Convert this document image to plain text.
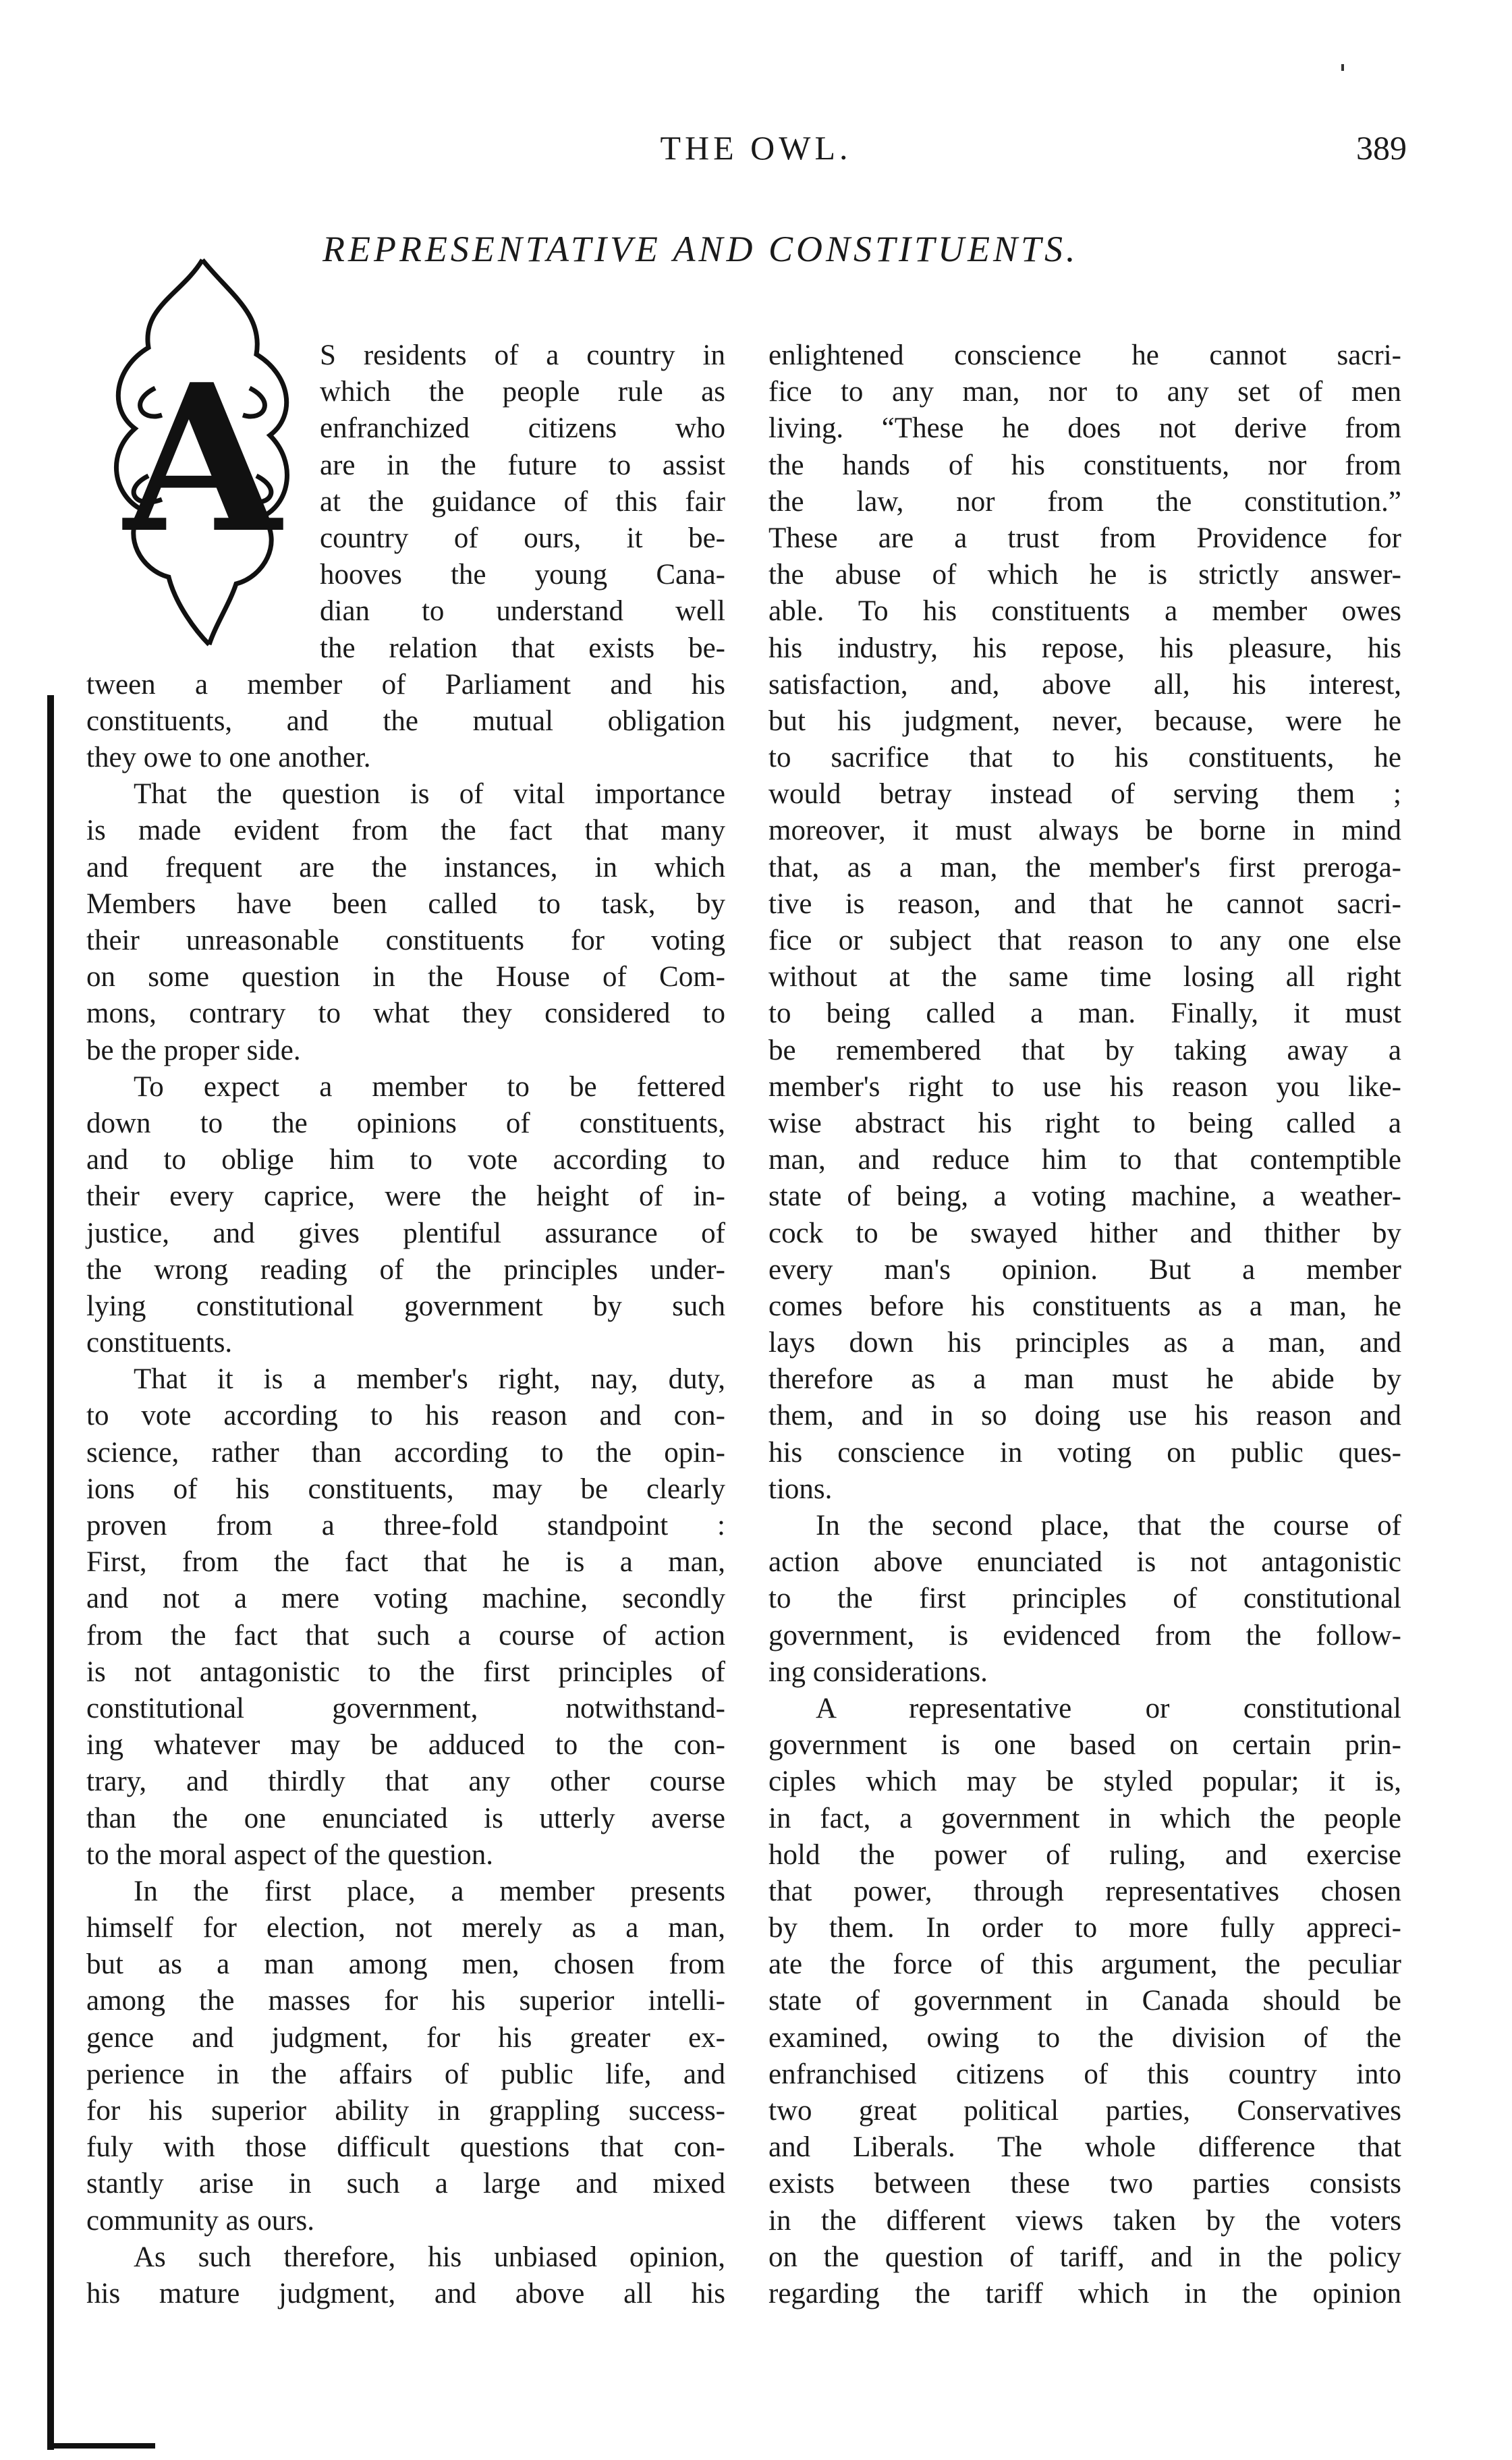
THE OWL.	389
REPRESENTATIVE AND CONSTITUENTS.
A S residents of a country in
which the people rule as
enfranchized citizens who
are in the future to assist
at the guidance of this fair
country of ours, it be-
hooves the young Cana-
dian to understand well
the relation that exists be-
tween a member of Parliament and his
constituents, and the mutual obligation
they owe to one another.
That the question is of vital importance
is made evident from the fact that many
and frequent are the instances, in which
Members have been called to task, by
their unreasonable constituents for voting
on some question in the House of Com-
mons, contrary to what they considered to
be the proper side.
To expect a member to be fettered
down to the opinions of constituents,
and to oblige him to vote according to
their every caprice, were the height of in-
justice, and gives plentiful assurance of
the wrong reading of the principles under-
lying constitutional government by such
constituents.
That it is a member's right, nay, duty,
to vote according to his reason and con-
science, rather than according to the opin-
ions of his constituents, may be clearly
proven from a three-fold standpoint :
First, from the fact that he is a man,
and not a mere voting machine, secondly
from the fact that such a course of action
is not antagonistic to the first principles of
constitutional government, notwithstand-
ing whatever may be adduced to the con-
trary, and thirdly that any other course
than the one enunciated is utterly averse
to the moral aspect of the question.
In the first place, a member presents
himself for election, not merely as a man,
but as a man among men, chosen from
among the masses for his superior intelli-
gence and judgment, for his greater ex-
perience in the affairs of public life, and
for his superior ability in grappling success-
fuly with those difficult questions that con-
stantly arise in such a large and mixed
community as ours.
As such therefore, his unbiased opinion,
his mature judgment, and above all his
enlightened conscience he cannot sacri-
fice to any man, nor to any set of men
living. “These he does not derive from
the hands of his constituents, nor from
the law, nor from the constitution.”
These are a trust from Providence for
the abuse of which he is strictly answer-
able. To his constituents a member owes
his industry, his repose, his pleasure, his
satisfaction, and, above all, his interest,
but his judgment, never, because, were he
to sacrifice that to his constituents, he
would betray instead of serving them ;
moreover, it must always be borne in mind
that, as a man, the member's first preroga-
tive is reason, and that he cannot sacri-
fice or subject that reason to any one else
without at the same time losing all right
to being called a man. Finally, it must
be remembered that by taking away a
member's right to use his reason you like-
wise abstract his right to being called a
man, and reduce him to that contemptible
state of being, a voting machine, a weather-
cock to be swayed hither and thither by
every man's opinion. But a member
comes before his constituents as a man, he
lays down his principles as a man, and
therefore as a man must he abide by
them, and in so doing use his reason and
his conscience in voting on public ques-
tions.
In the second place, that the course of
action above enunciated is not antagonistic
to the first principles of constitutional
government, is evidenced from the follow-
ing considerations.
A representative or constitutional
government is one based on certain prin-
ciples which may be styled popular; it is,
in fact, a government in which the people
hold the power of ruling, and exercise
that power, through representatives chosen
by them. In order to more fully appreci-
ate the force of this argument, the peculiar
state of government in Canada should be
examined, owing to the division of the
enfranchised citizens of this country into
two great political parties, Conservatives
and Liberals. The whole difference that
exists between these two parties consists
in the different views taken by the voters
on the question of tariff, and in the policy
regarding the tariff which in the opinion
